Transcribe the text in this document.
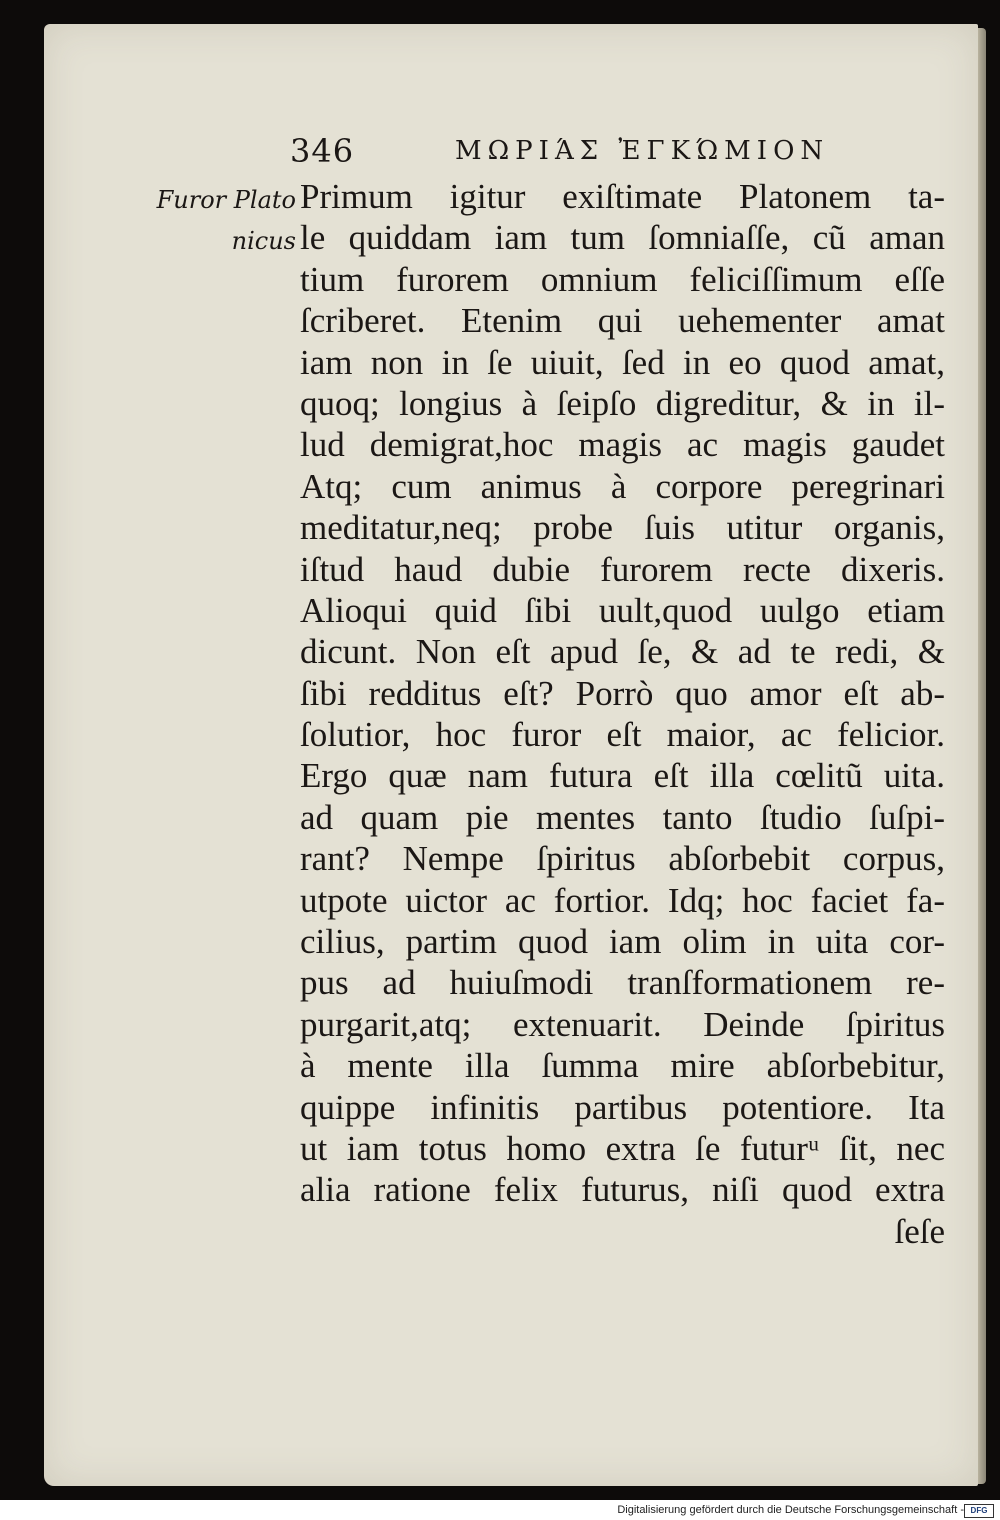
346	ΜΩΡΙΆΣ ἘΓΚΏΜΙΟΝ
Furor Plato
nicus
Primum igitur exiſtimate Platonem ta-
le quiddam iam tum ſomniaſſe, cũ aman
tium furorem omnium feliciſſimum eſſe
ſcriberet. Etenim qui uehementer amat
iam non in ſe uiuit, ſed in eo quod amat,
quoq; longius à ſeipſo digreditur, & in il-
lud demigrat,hoc magis ac magis gaudet
Atq; cum animus à corpore peregrinari
meditatur,neq; probe ſuis utitur organis,
iſtud haud dubie furorem recte dixeris.
Alioqui quid ſibi uult,quod uulgo etiam
dicunt. Non eſt apud ſe, & ad te redi, &
ſibi redditus eſt? Porrò quo amor eſt ab-
ſolutior, hoc furor eſt maior, ac felicior.
Ergo quæ nam futura eſt illa cœlitũ uita.
ad quam pie mentes tanto ſtudio ſuſpi-
rant? Nempe ſpiritus abſorbebit corpus,
utpote uictor ac fortior. Idq; hoc faciet fa-
cilius, partim quod iam olim in uita cor-
pus ad huiuſmodi tranſformationem re-
purgarit,atq; extenuarit. Deinde ſpiritus
à mente illa ſumma mire abſorbebitur,
quippe infinitis partibus potentiore. Ita
ut iam totus homo extra ſe futurᵘ ſit, nec
alia ratione felix futurus, niſi quod extra
ſeſe
Digitalisierung gefördert durch die Deutsche Forschungsgemeinschaft - DFG
